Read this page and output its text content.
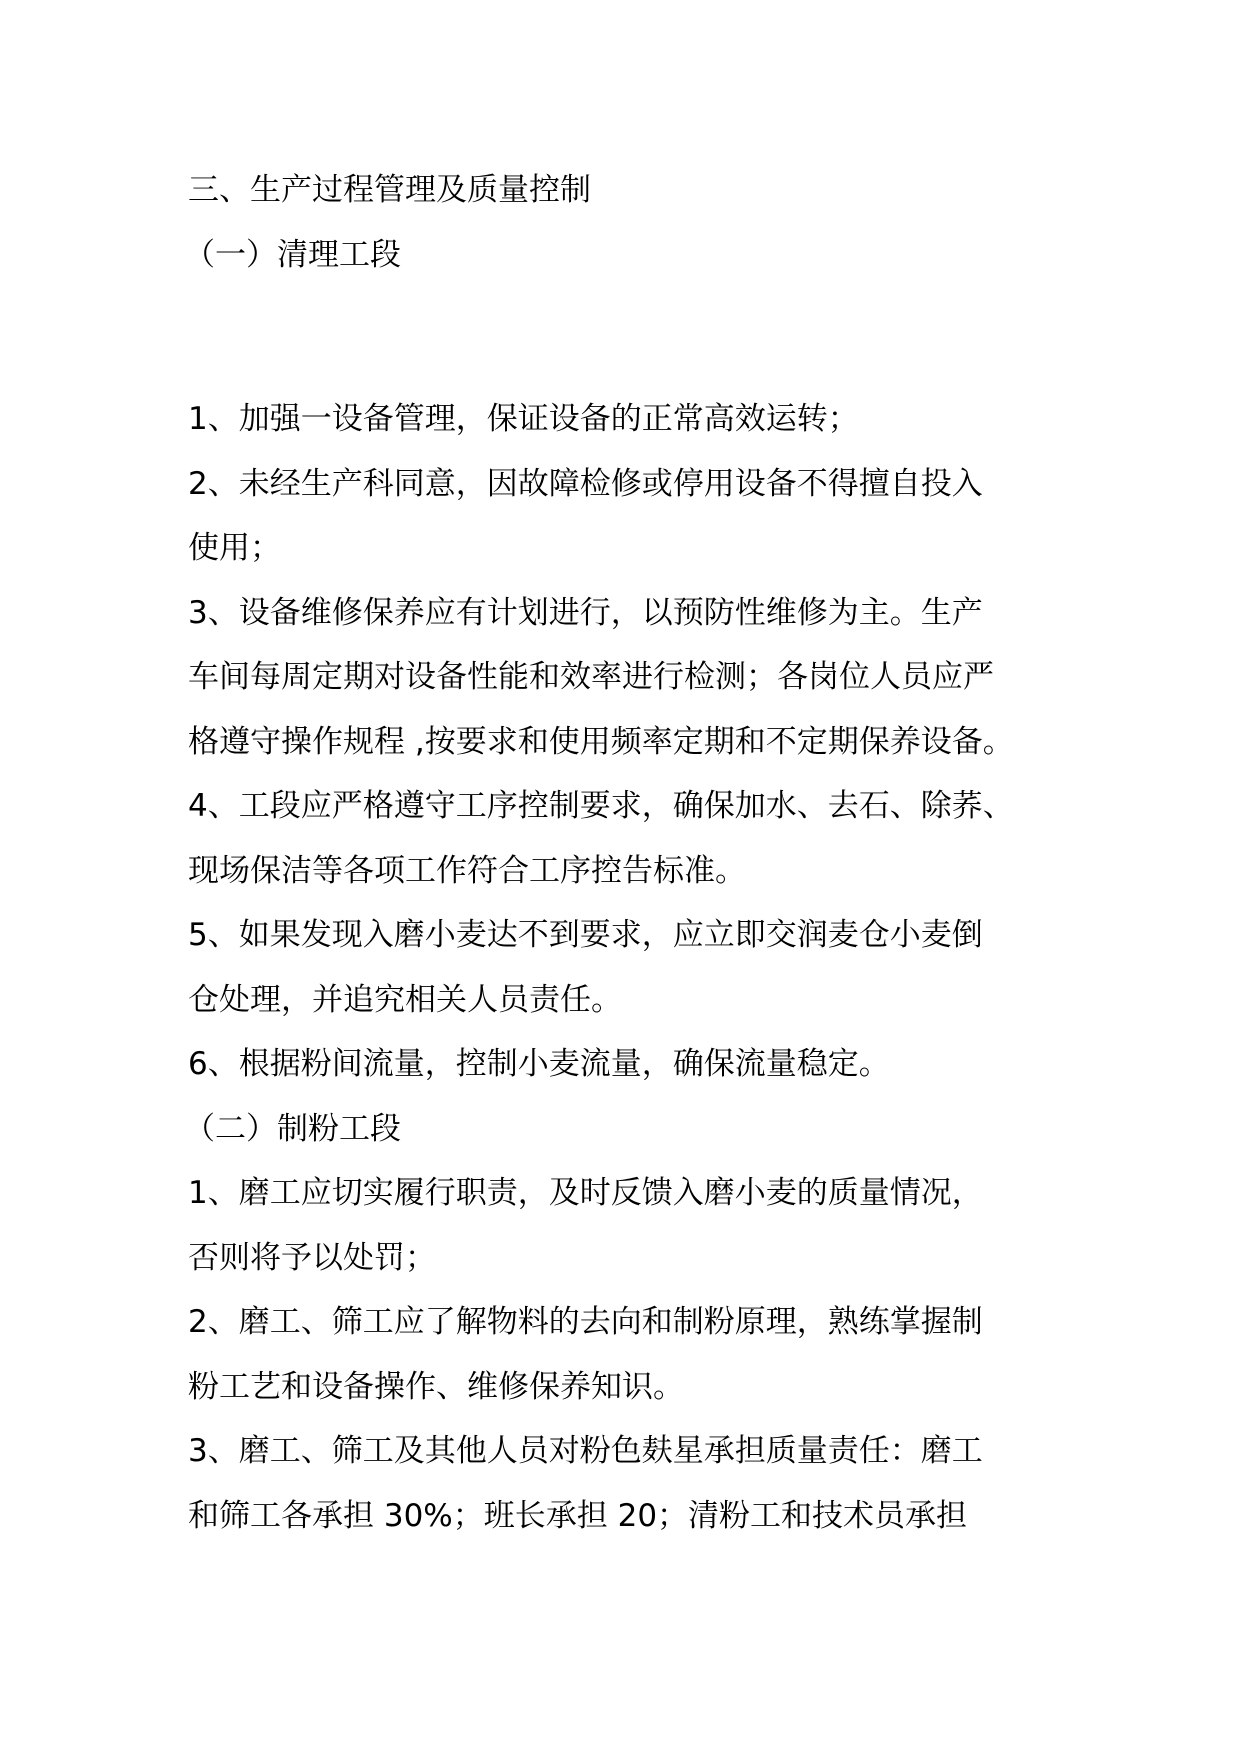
三、生产过程管理及质量控制
（一）清理工段
1、加强一设备管理，保证设备的正常高效运转；
2、未经生产科同意，因故障检修或停用设备不得擅自投入
使用；
3、设备维修保养应有计划进行，以预防性维修为主。生产
车间每周定期对设备性能和效率进行检测；各岗位人员应严
格遵守操作规程 ,按要求和使用频率定期和不定期保养设备。
4、工段应严格遵守工序控制要求，确保加水、去石、除荞、
现场保洁等各项工作符合工序控告标准。
5、如果发现入磨小麦达不到要求，应立即交润麦仓小麦倒
仓处理，并追究相关人员责任。
6、根据粉间流量，控制小麦流量，确保流量稳定。
（二）制粉工段
1、磨工应切实履行职责，及时反馈入磨小麦的质量情况，
否则将予以处罚；
2、磨工、筛工应了解物料的去向和制粉原理，熟练掌握制
粉工艺和设备操作、维修保养知识。
3、磨工、筛工及其他人员对粉色麸星承担质量责任：磨工
和筛工各承担 30%；班长承担 20；清粉工和技术员承担
